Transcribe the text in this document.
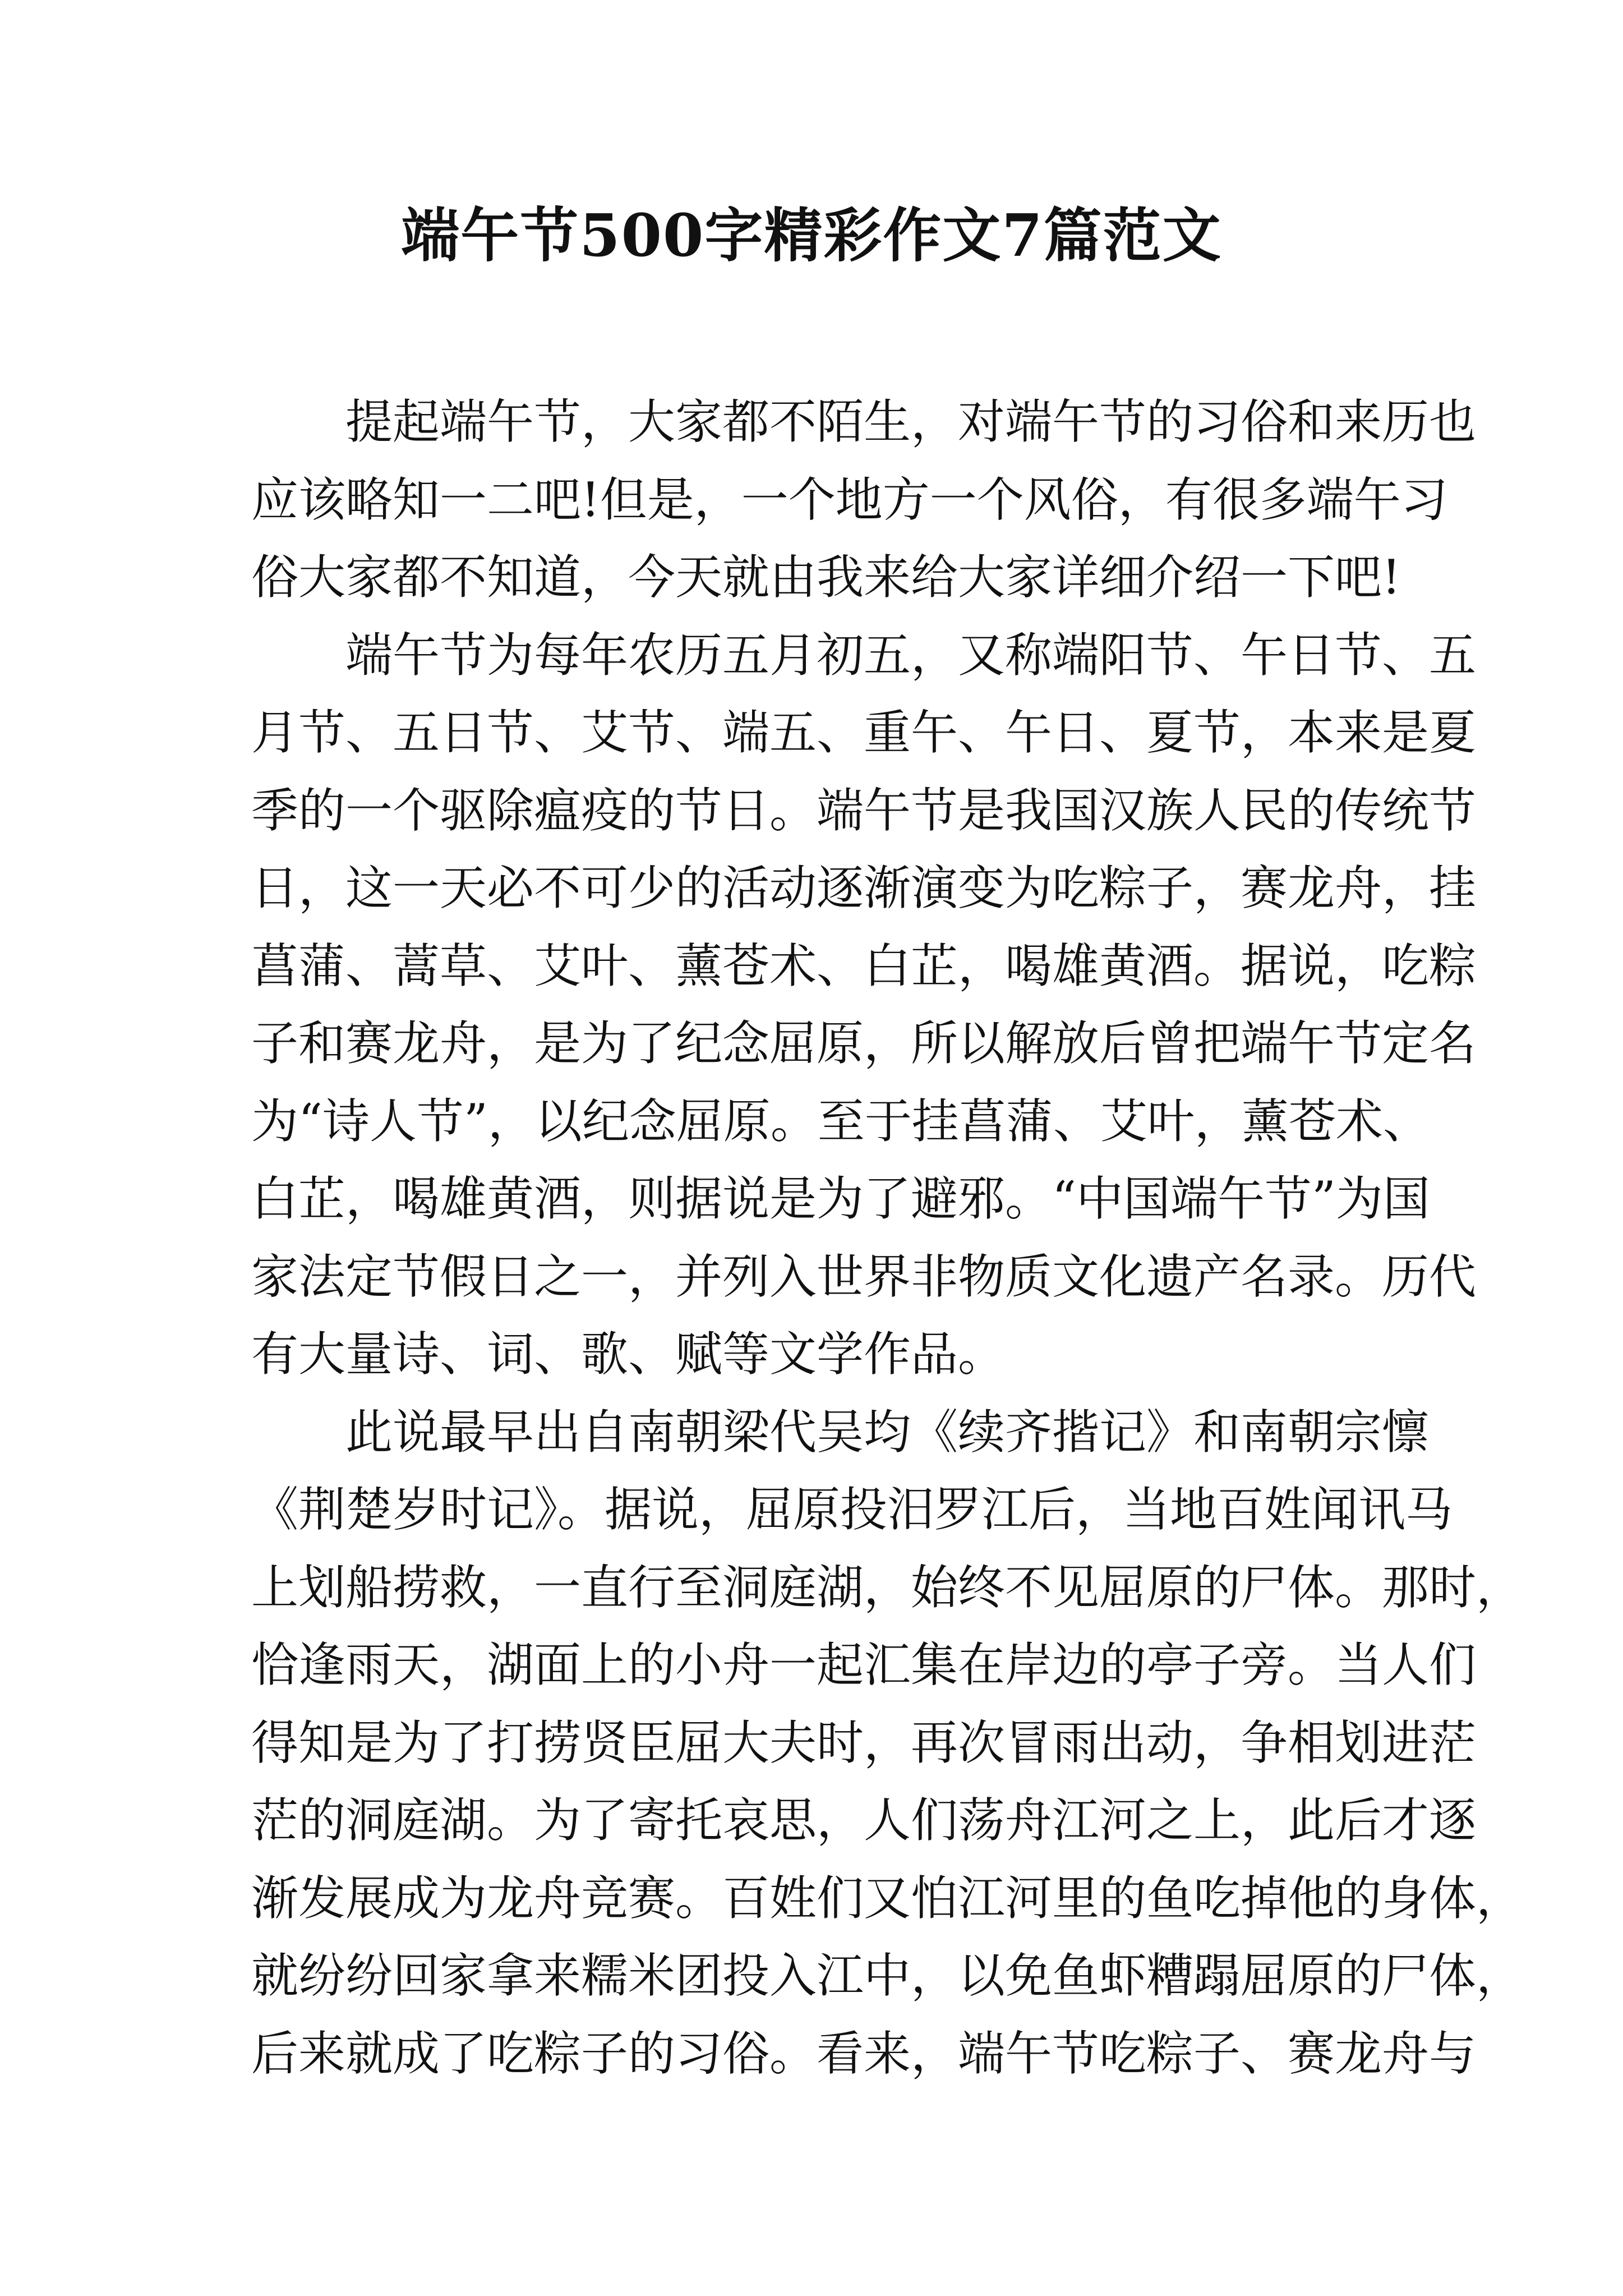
端午节500字精彩作文7篇范文
　　提起端午节，大家都不陌生，对端午节的习俗和来历也
应该略知一二吧!但是，一个地方一个风俗，有很多端午习
俗大家都不知道，今天就由我来给大家详细介绍一下吧!
　　端午节为每年农历五月初五，又称端阳节、午日节、五
月节、五日节、艾节、端五、重午、午日、夏节，本来是夏
季的一个驱除瘟疫的节日。端午节是我国汉族人民的传统节
日，这一天必不可少的活动逐渐演变为吃粽子，赛龙舟，挂
菖蒲、蒿草、艾叶、薰苍术、白芷，喝雄黄酒。据说，吃粽
子和赛龙舟，是为了纪念屈原，所以解放后曾把端午节定名
为“诗人节”，以纪念屈原。至于挂菖蒲、艾叶，薰苍术、
白芷，喝雄黄酒，则据说是为了避邪。“中国端午节”为国
家法定节假日之一，并列入世界非物质文化遗产名录。历代
有大量诗、词、歌、赋等文学作品。
　　此说最早出自南朝梁代吴均《续齐揩记》和南朝宗懔
《荆楚岁时记》。据说，屈原投汨罗江后，当地百姓闻讯马
上划船捞救，一直行至洞庭湖，始终不见屈原的尸体。那时，
恰逢雨天，湖面上的小舟一起汇集在岸边的亭子旁。当人们
得知是为了打捞贤臣屈大夫时，再次冒雨出动，争相划进茫
茫的洞庭湖。为了寄托哀思，人们荡舟江河之上，此后才逐
渐发展成为龙舟竞赛。百姓们又怕江河里的鱼吃掉他的身体，
就纷纷回家拿来糯米团投入江中，以免鱼虾糟蹋屈原的尸体，
后来就成了吃粽子的习俗。看来，端午节吃粽子、赛龙舟与
